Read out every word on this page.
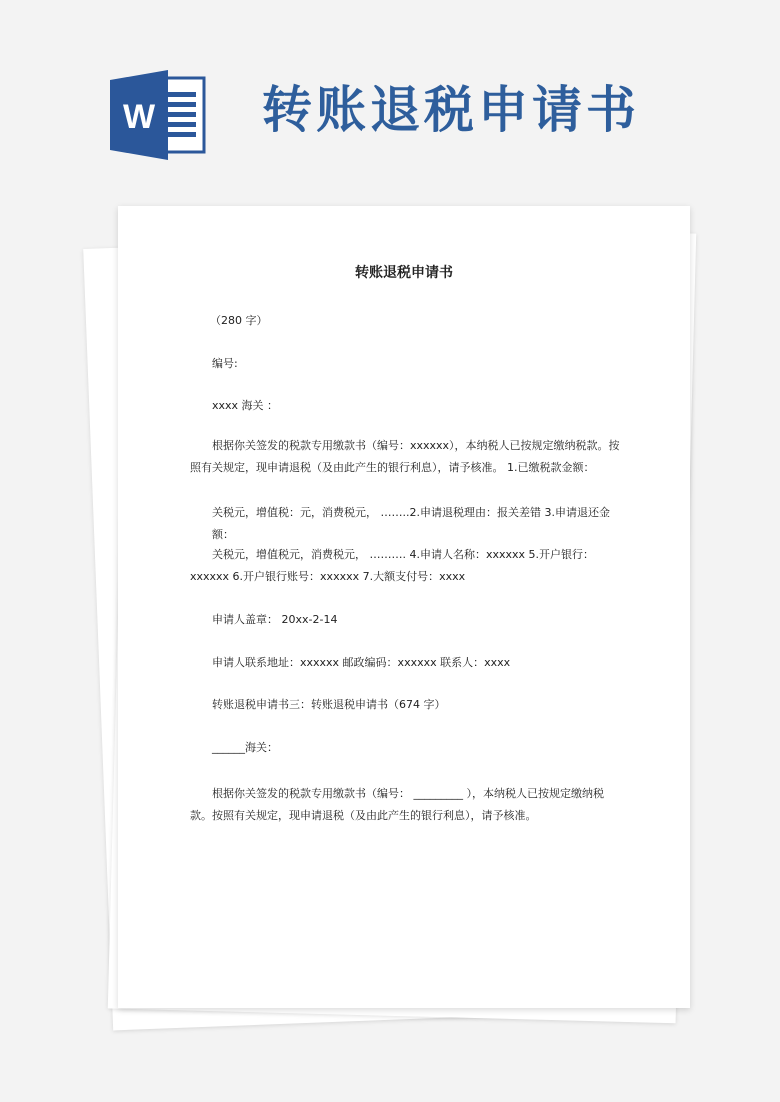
W 转账退税申请书
转账退税申请书

（280 字）

编号:

xxxx 海关 ：

根据你关签发的税款专用缴款书（编号：xxxxxx），本纳税人已按规定缴纳税款。按照有关规定，现申请退税（及由此产生的银行利息），请予核准。 1.已缴税款金额：

关税元，增值税：元，消费税元， ……..2.申请退税理由：报关差错 3.申请退还金额：

关税元，增值税元，消费税元， ………. 4.申请人名称：xxxxxx 5.开户银行：xxxxxx 6.开户银行账号：xxxxxx 7.大额支付号：xxxx

申请人盖章： 20xx-2-14

申请人联系地址：xxxxxx 邮政编码：xxxxxx 联系人：xxxx

转账退税申请书三：转账退税申请书（674 字）

______海关：

根据你关签发的税款专用缴款书（编号： _________ ），本纳税人已按规定缴纳税款。按照有关规定，现申请退税（及由此产生的银行利息），请予核准。
